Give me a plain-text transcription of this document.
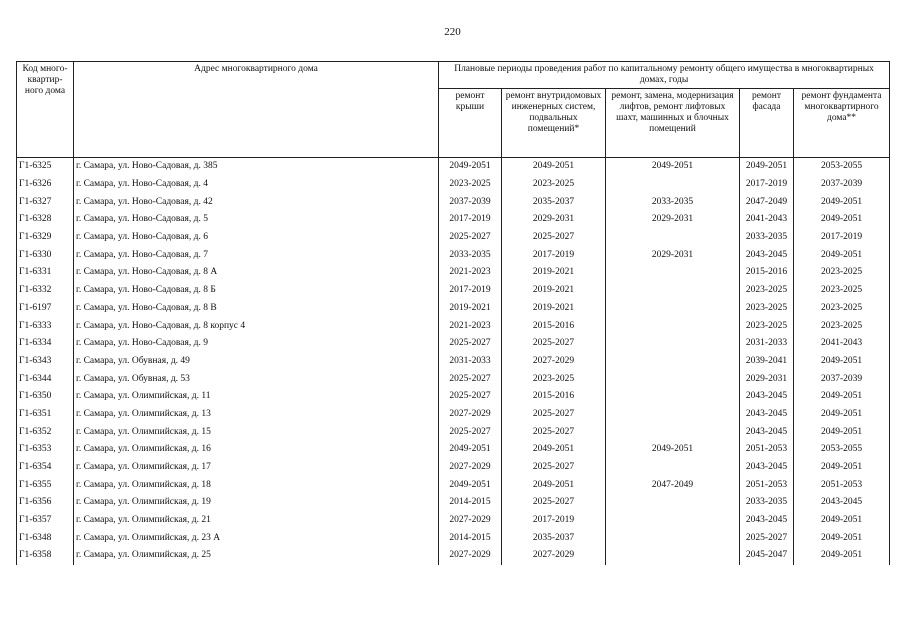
220
Код много-квартир-ного дома	Адрес многоквартирного дома	Плановые периоды проведения работ по капитальному ремонту общего имущества в многоквартирных домах, годы				
		ремонт крыши	ремонт внутридомовых инженерных систем, подвальных помещений*	ремонт, замена, модернизация лифтов, ремонт лифтовых шахт, машинных и блочных помещений	ремонт фасада	ремонт фундамента многоквартирного дома**
Г1-6325	г. Самара, ул. Ново-Садовая, д. 385	2049-2051	2049-2051	2049-2051	2049-2051	2053-2055
Г1-6326	г. Самара, ул. Ново-Садовая, д. 4	2023-2025	2023-2025		2017-2019	2037-2039
Г1-6327	г. Самара, ул. Ново-Садовая, д. 42	2037-2039	2035-2037	2033-2035	2047-2049	2049-2051
Г1-6328	г. Самара, ул. Ново-Садовая, д. 5	2017-2019	2029-2031	2029-2031	2041-2043	2049-2051
Г1-6329	г. Самара, ул. Ново-Садовая, д. 6	2025-2027	2025-2027		2033-2035	2017-2019
Г1-6330	г. Самара, ул. Ново-Садовая, д. 7	2033-2035	2017-2019	2029-2031	2043-2045	2049-2051
Г1-6331	г. Самара, ул. Ново-Садовая, д. 8 А	2021-2023	2019-2021		2015-2016	2023-2025
Г1-6332	г. Самара, ул. Ново-Садовая, д. 8 Б	2017-2019	2019-2021		2023-2025	2023-2025
Г1-6197	г. Самара, ул. Ново-Садовая, д. 8 В	2019-2021	2019-2021		2023-2025	2023-2025
Г1-6333	г. Самара, ул. Ново-Садовая, д. 8 корпус 4	2021-2023	2015-2016		2023-2025	2023-2025
Г1-6334	г. Самара, ул. Ново-Садовая, д. 9	2025-2027	2025-2027		2031-2033	2041-2043
Г1-6343	г. Самара, ул. Обувная, д. 49	2031-2033	2027-2029		2039-2041	2049-2051
Г1-6344	г. Самара, ул. Обувная, д. 53	2025-2027	2023-2025		2029-2031	2037-2039
Г1-6350	г. Самара, ул. Олимпийская, д. 11	2025-2027	2015-2016		2043-2045	2049-2051
Г1-6351	г. Самара, ул. Олимпийская, д. 13	2027-2029	2025-2027		2043-2045	2049-2051
Г1-6352	г. Самара, ул. Олимпийская, д. 15	2025-2027	2025-2027		2043-2045	2049-2051
Г1-6353	г. Самара, ул. Олимпийская, д. 16	2049-2051	2049-2051	2049-2051	2051-2053	2053-2055
Г1-6354	г. Самара, ул. Олимпийская, д. 17	2027-2029	2025-2027		2043-2045	2049-2051
Г1-6355	г. Самара, ул. Олимпийская, д. 18	2049-2051	2049-2051	2047-2049	2051-2053	2051-2053
Г1-6356	г. Самара, ул. Олимпийская, д. 19	2014-2015	2025-2027		2033-2035	2043-2045
Г1-6357	г. Самара, ул. Олимпийская, д. 21	2027-2029	2017-2019		2043-2045	2049-2051
Г1-6348	г. Самара, ул. Олимпийская, д. 23 А	2014-2015	2035-2037		2025-2027	2049-2051
Г1-6358	г. Самара, ул. Олимпийская, д. 25	2027-2029	2027-2029		2045-2047	2049-2051
